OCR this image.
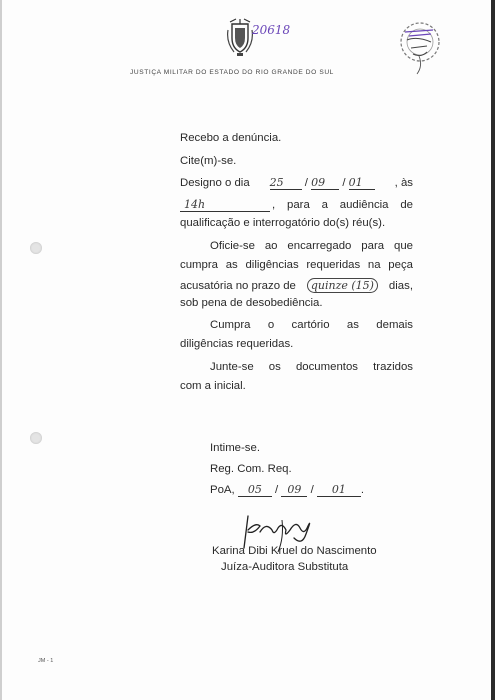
20618
JUSTIÇA MILITAR DO ESTADO DO RIO GRANDE DO SUL
Recebo a denúncia.
Cite(m)-se.
Designo o dia 25 / 09 / 01	, às
14h	, para a audiência de
qualificação e interrogatório do(s) réu(s).
Oficie-se ao encarregado para que
cumpra as diligências requeridas na peça
acusatória no prazo de	quinze (15)	dias,
sob pena de desobediência.
Cumpra o cartório as demais
diligências requeridas.
Junte-se os documentos trazidos
com a inicial.
Intime-se.
Reg. Com. Req.
PoA, 05 / 09 / 01 .
Karina Dibi Kruel do Nascimento
Juíza-Auditora Substituta
JM - 1
